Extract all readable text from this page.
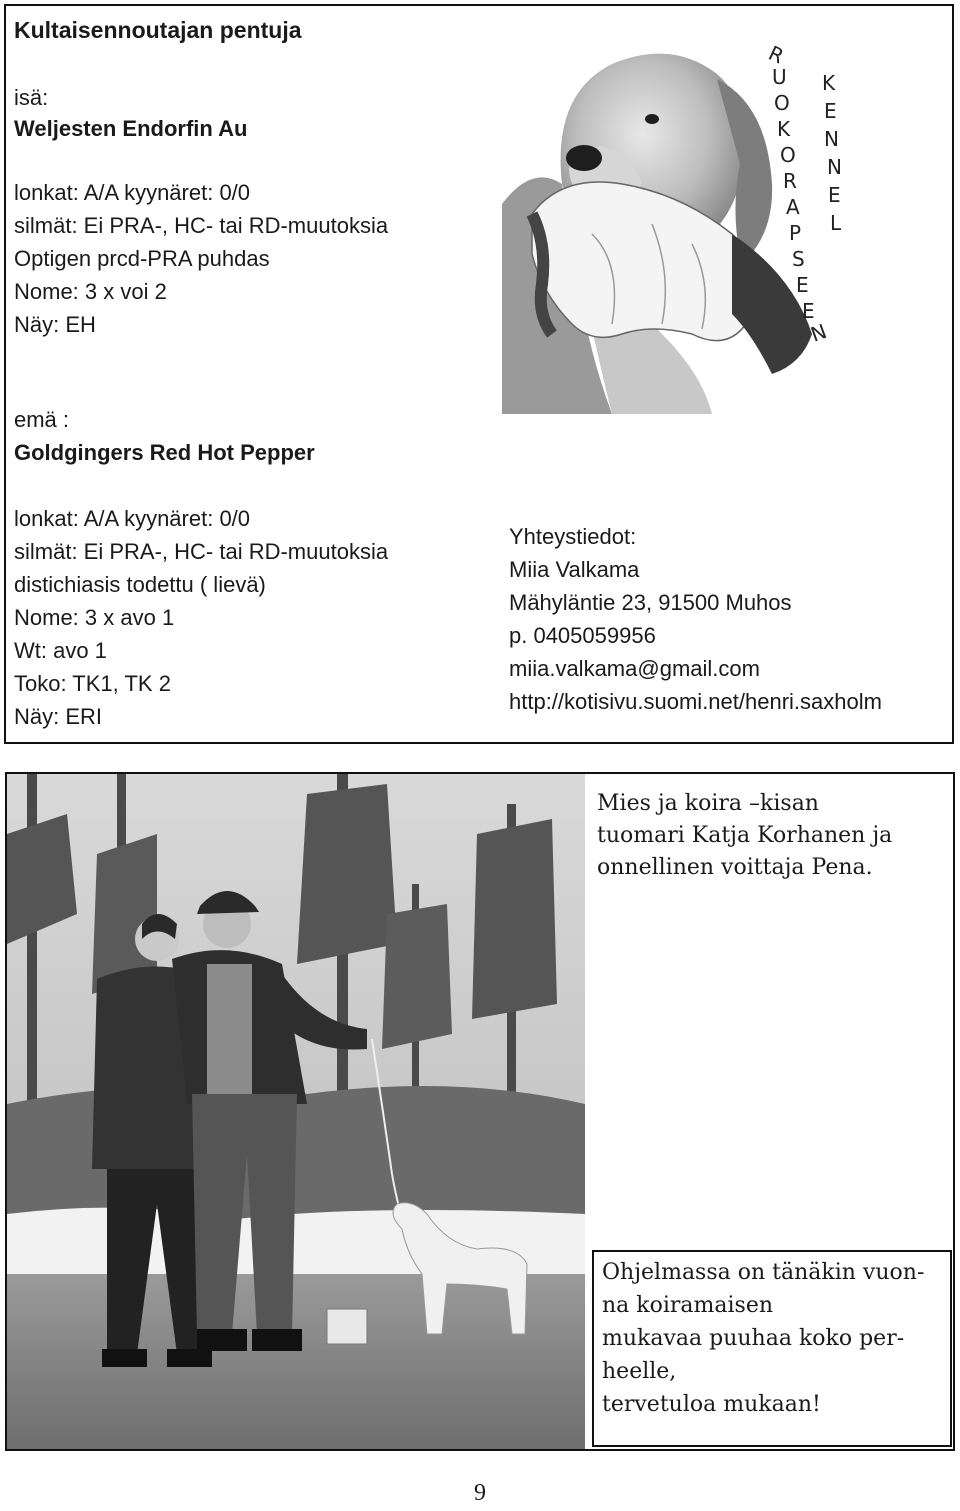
Kultaisennoutajan pentuja
isä:
Weljesten Endorfin Au
lonkat: A/A kyynäret: 0/0
silmät: Ei PRA-, HC- tai RD-muutoksia
Optigen prcd-PRA puhdas
Nome: 3 x voi 2
Näy: EH
emä :
Goldgingers Red Hot Pepper
lonkat: A/A kyynäret: 0/0
silmät: Ei PRA-, HC- tai RD-muutoksia
distichiasis todettu ( lievä)
Nome: 3 x avo 1
Wt: avo 1
Toko: TK1, TK 2
Näy: ERI
R
U
O
K
O
R
A
P
S
E
E
N
K
E
N
N
E
L
Yhteystiedot:
Miia Valkama
Mähyläntie 23, 91500 Muhos
p. 0405059956
miia.valkama@gmail.com
http://kotisivu.suomi.net/henri.saxholm
Mies ja koira –kisan
tuomari Katja Korhanen ja
onnellinen voittaja Pena.
Ohjelmassa on tänäkin vuon-
na koiramaisen
mukavaa puuhaa koko per-
heelle,
tervetuloa mukaan!
9
